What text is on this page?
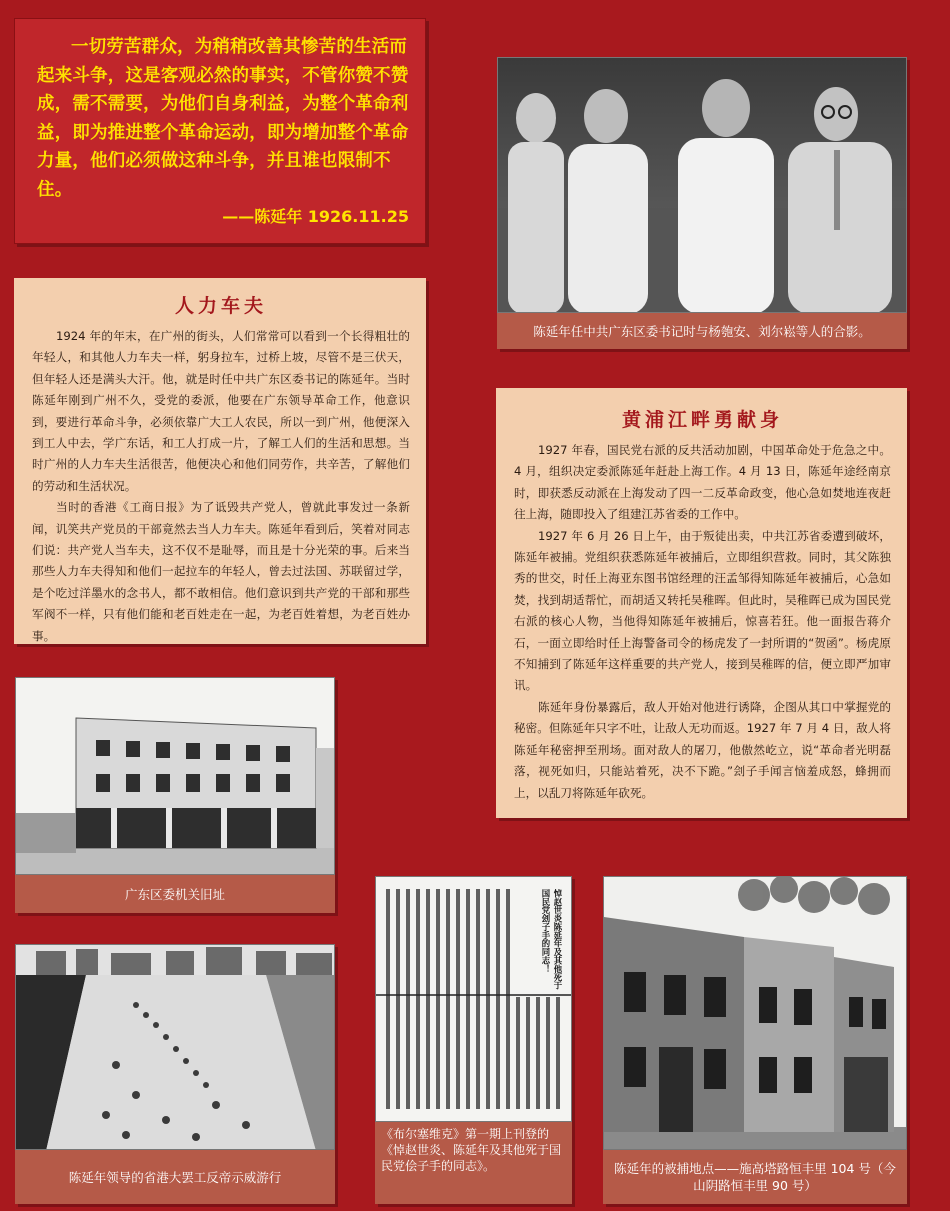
一切劳苦群众，为稍稍改善其惨苦的生活而起来斗争，这是客观必然的事实，不管你赞不赞成，需不需要，为他们自身利益，为整个革命利益，即为推进整个革命运动，即为增加整个革命力量，他们必须做这种斗争，并且谁也限制不住。
——陈延年 1926.11.25
陈延年任中共广东区委书记时与杨匏安、刘尔崧等人的合影。
人力车夫

1924 年的年末，在广州的街头，人们常常可以看到一个长得粗壮的年轻人，和其他人力车夫一样，躬身拉车，过桥上坡，尽管不是三伏天，但年轻人还是满头大汗。他，就是时任中共广东区委书记的陈延年。当时陈延年刚到广州不久，受党的委派，他要在广东领导革命工作，他意识到，要进行革命斗争，必须依靠广大工人农民，所以一到广州，他便深入到工人中去，学广东话，和工人打成一片，了解工人们的生活和思想。当时广州的人力车夫生活很苦，他便决心和他们同劳作，共辛苦，了解他们的劳动和生活状况。

当时的香港《工商日报》为了诋毁共产党人，曾就此事发过一条新闻，讥笑共产党员的干部竟然去当人力车夫。陈延年看到后，笑着对同志们说：共产党人当车夫，这不仅不是耻辱，而且是十分光荣的事。后来当那些人力车夫得知和他们一起拉车的年轻人，曾去过法国、苏联留过学，是个吃过洋墨水的念书人，都不敢相信。他们意识到共产党的干部和那些军阀不一样，只有他们能和老百姓走在一起，为老百姓着想，为老百姓办事。

黄浦江畔勇献身

1927 年春，国民党右派的反共活动加剧，中国革命处于危急之中。4 月，组织决定委派陈延年赶赴上海工作。4 月 13 日，陈延年途经南京时，即获悉反动派在上海发动了四一二反革命政变，他心急如焚地连夜赶往上海，随即投入了组建江苏省委的工作中。

1927 年 6 月 26 日上午，由于叛徒出卖，中共江苏省委遭到破坏，陈延年被捕。党组织获悉陈延年被捕后，立即组织营救。同时，其父陈独秀的世交，时任上海亚东图书馆经理的汪孟邹得知陈延年被捕后，心急如焚，找到胡适帮忙，而胡适又转托吴稚晖。但此时，吴稚晖已成为国民党右派的核心人物，当他得知陈延年被捕后，惊喜若狂。他一面报告蒋介石，一面立即给时任上海警备司令的杨虎发了一封所谓的“贺函”。杨虎原不知捕到了陈延年这样重要的共产党人，接到吴稚晖的信，便立即严加审讯。

陈延年身份暴露后，敌人开始对他进行诱降，企图从其口中掌握党的秘密。但陈延年只字不吐，让敌人无功而返。1927 年 7 月 4 日，敌人将陈延年秘密押至刑场。面对敌人的屠刀，他傲然屹立，说“革命者光明磊落，视死如归，只能站着死，决不下跪。”刽子手闻言恼羞成怒，蜂拥而上，以乱刀将陈延年砍死。

广东区委机关旧址
陈延年领导的省港大罢工反帝示威游行
悼赵世炎陈延年及其他死于国民党刽子手的同志！
《布尔塞维克》第一期上刊登的《悼赵世炎、陈延年及其他死于国民党侩子手的同志》。	陈延年的被捕地点——施高塔路恒丰里 104 号（今山阴路恒丰里 90 号）
